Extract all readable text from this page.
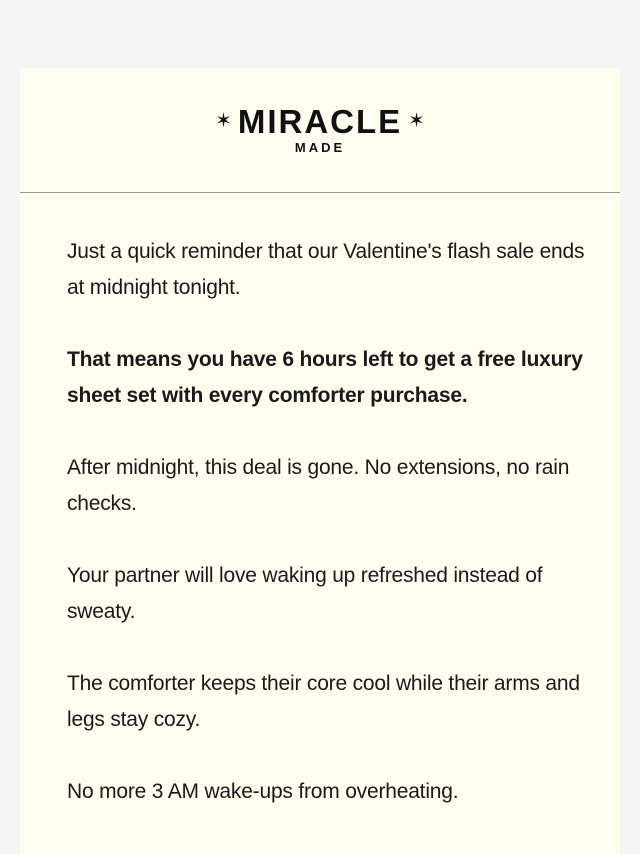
✶ MIRACLE ✶
MADE

Just a quick reminder that our Valentine's flash sale ends at midnight tonight.

That means you have 6 hours left to get a free luxury sheet set with every comforter purchase.

After midnight, this deal is gone. No extensions, no rain checks.

Your partner will love waking up refreshed instead of sweaty.

The comforter keeps their core cool while their arms and legs stay cozy.

No more 3 AM wake-ups from overheating.
